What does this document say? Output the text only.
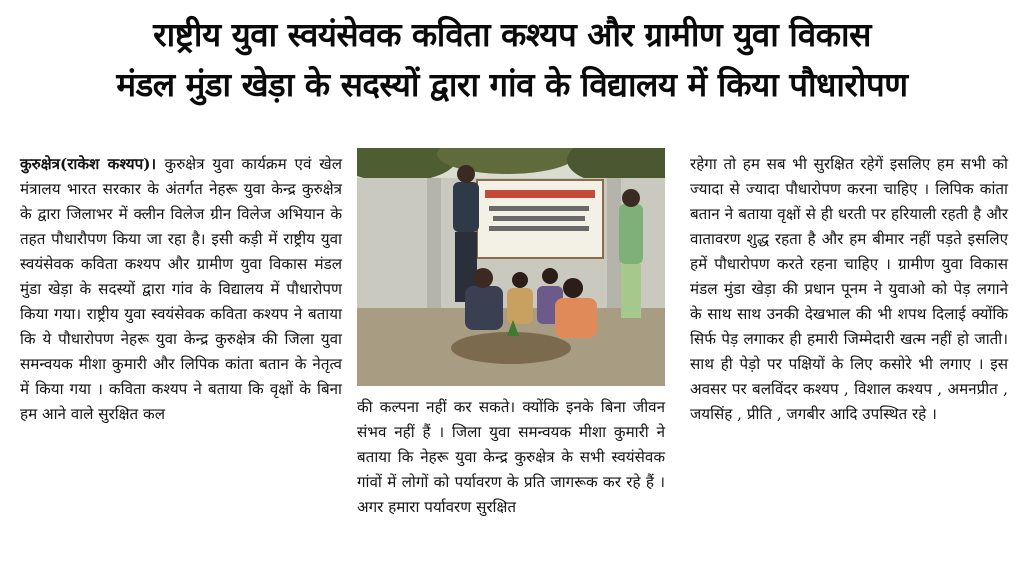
राष्ट्रीय युवा स्वयंसेवक कविता कश्यप और ग्रामीण युवा विकास
मंडल मुंडा खेड़ा के सदस्यों द्वारा गांव के विद्यालय में किया पौधारोपण
कुरुक्षेत्र(राकेश कश्यप)। कुरुक्षेत्र युवा कार्यक्रम एवं खेल मंत्रालय भारत सरकार के अंतर्गत नेहरू युवा केन्द्र कुरुक्षेत्र के द्वारा जिलाभर में क्लीन विलेज ग्रीन विलेज अभियान के तहत पौधारौपण किया जा रहा है। इसी कड़ी में राष्ट्रीय युवा स्वयंसेवक कविता कश्यप और ग्रामीण युवा विकास मंडल मुंडा खेड़ा के सदस्यों द्वारा गांव के विद्यालय में पौधारोपण किया गया। राष्ट्रीय युवा स्वयंसेवक कविता कश्यप ने बताया कि ये पौधारोपण नेहरू युवा केन्द्र कुरुक्षेत्र की जिला युवा समन्वयक मीशा कुमारी और लिपिक कांता बतान के नेतृत्व में किया गया । कविता कश्यप ने बताया कि वृक्षों के बिना हम आने वाले सुरक्षित कल	की कल्पना नहीं कर सकते। क्योंकि इनके बिना जीवन संभव नहीं हैं । जिला युवा समन्वयक मीशा कुमारी ने बताया कि नेहरू युवा केन्द्र कुरुक्षेत्र के सभी स्वयंसेवक गांवों में लोगों को पर्यावरण के प्रति जागरूक कर रहे हैं । अगर हमारा पर्यावरण सुरक्षित
रहेगा तो हम सब भी सुरक्षित रहेगें इसलिए हम सभी को ज्यादा से ज्यादा पौधारोपण करना चाहिए । लिपिक कांता बतान ने बताया वृक्षों से ही धरती पर हरियाली रहती है और वातावरण शुद्ध रहता है और हम बीमार नहीं पड़ते इसलिए हमें पौधारोपण करते रहना चाहिए । ग्रामीण युवा विकास मंडल मुंडा खेड़ा की प्रधान पूनम ने युवाओ को पेड़ लगाने के साथ साथ उनकी देखभाल की भी शपथ दिलाई क्योंकि सिर्फ पेड़ लगाकर ही हमारी जिम्मेदारी खत्म नहीं हो जाती। साथ ही पेड़ो पर पक्षियों के लिए कसोरे भी लगाए । इस अवसर पर बलविंदर कश्यप , विशाल कश्यप , अमनप्रीत , जयसिंह , प्रीति , जगबीर आदि उपस्थित रहे ।
